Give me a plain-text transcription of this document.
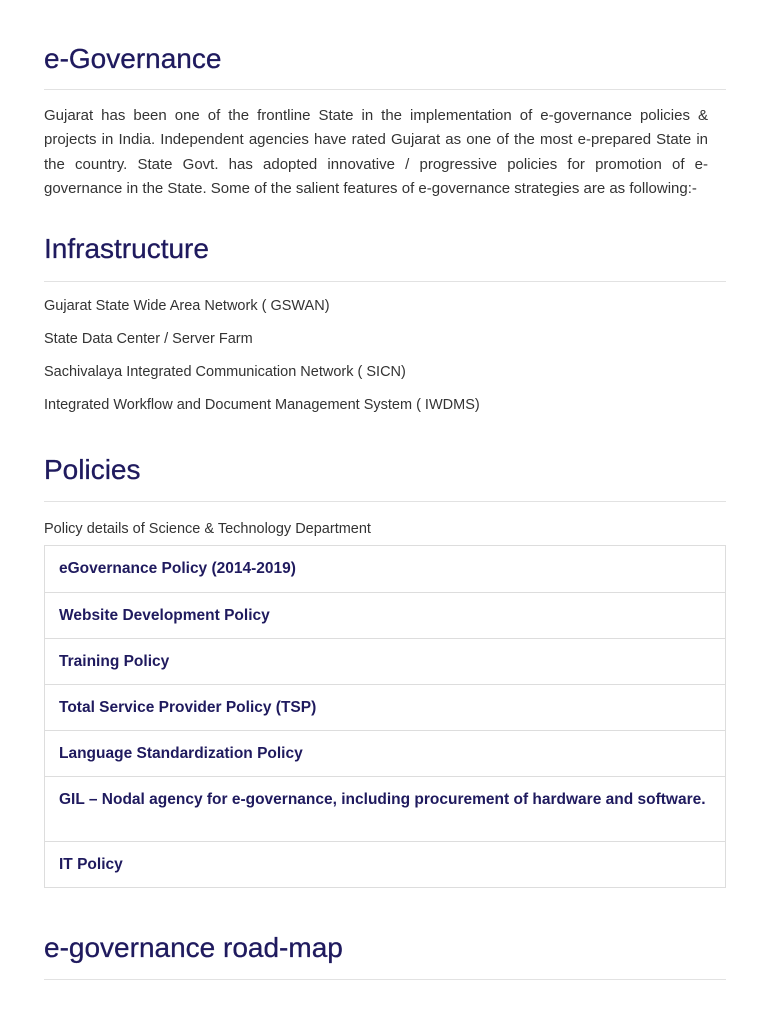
e-Governance

Gujarat has been one of the frontline State in the implementation of e-governance policies & projects in India. Independent agencies have rated Gujarat as one of the most e-prepared State in the country. State Govt. has adopted innovative / progressive policies for promotion of e-governance in the State. Some of the salient features of e-governance strategies are as following:-

Infrastructure

Gujarat State Wide Area Network ( GSWAN)

State Data Center / Server Farm

Sachivalaya Integrated Communication Network ( SICN)

Integrated Workflow and Document Management System ( IWDMS)

Policies

Policy details of Science & Technology Department

eGovernance Policy (2014-2019)
Website Development Policy
Training Policy
Total Service Provider Policy (TSP)
Language Standardization Policy
GIL – Nodal agency for e-governance, including procurement of hardware and software.
IT Policy
e-governance road-map
